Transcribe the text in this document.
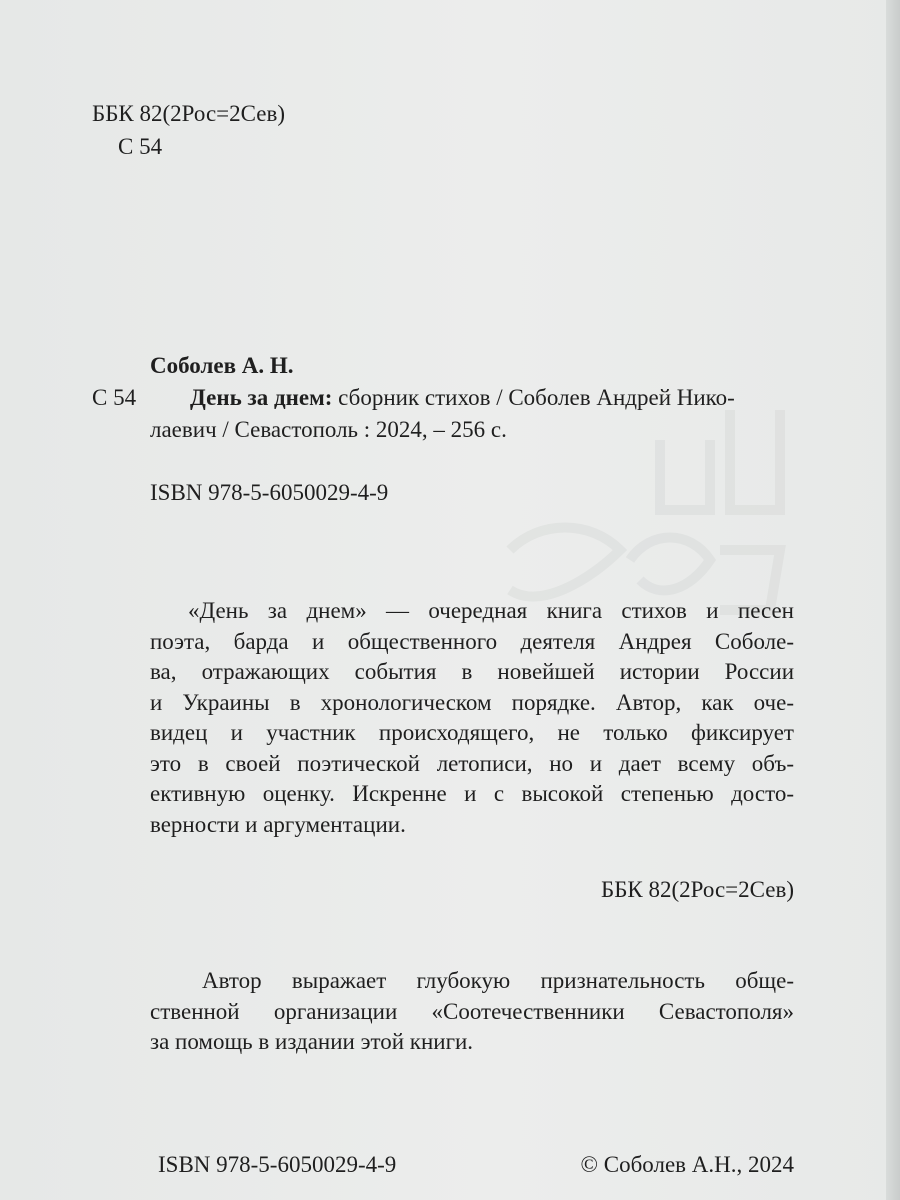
ББК 82(2Рос=2Сев)
С 54
Соболев А. Н.
С 54 День за днем: сборник стихов / Соболев Андрей Нико-
лаевич / Севастополь : 2024, – 256 с.
ISBN 978-5-6050029-4-9
«День за днем» — очередная книга стихов и песен
поэта, барда и общественного деятеля Андрея Соболе-
ва, отражающих события в новейшей истории России
и Украины в хронологическом порядке. Автор, как оче-
видец и участник происходящего, не только фиксирует
это в своей поэтической летописи, но и дает всему объ-
ективную оценку. Искренне и с высокой степенью досто-
верности и аргументации.
ББК 82(2Рос=2Сев)
Автор выражает глубокую признательность обще-
ственной организации «Соотечественники Севастополя»
за помощь в издании этой книги.
ISBN 978-5-6050029-4-9	© Соболев А.Н., 2024
